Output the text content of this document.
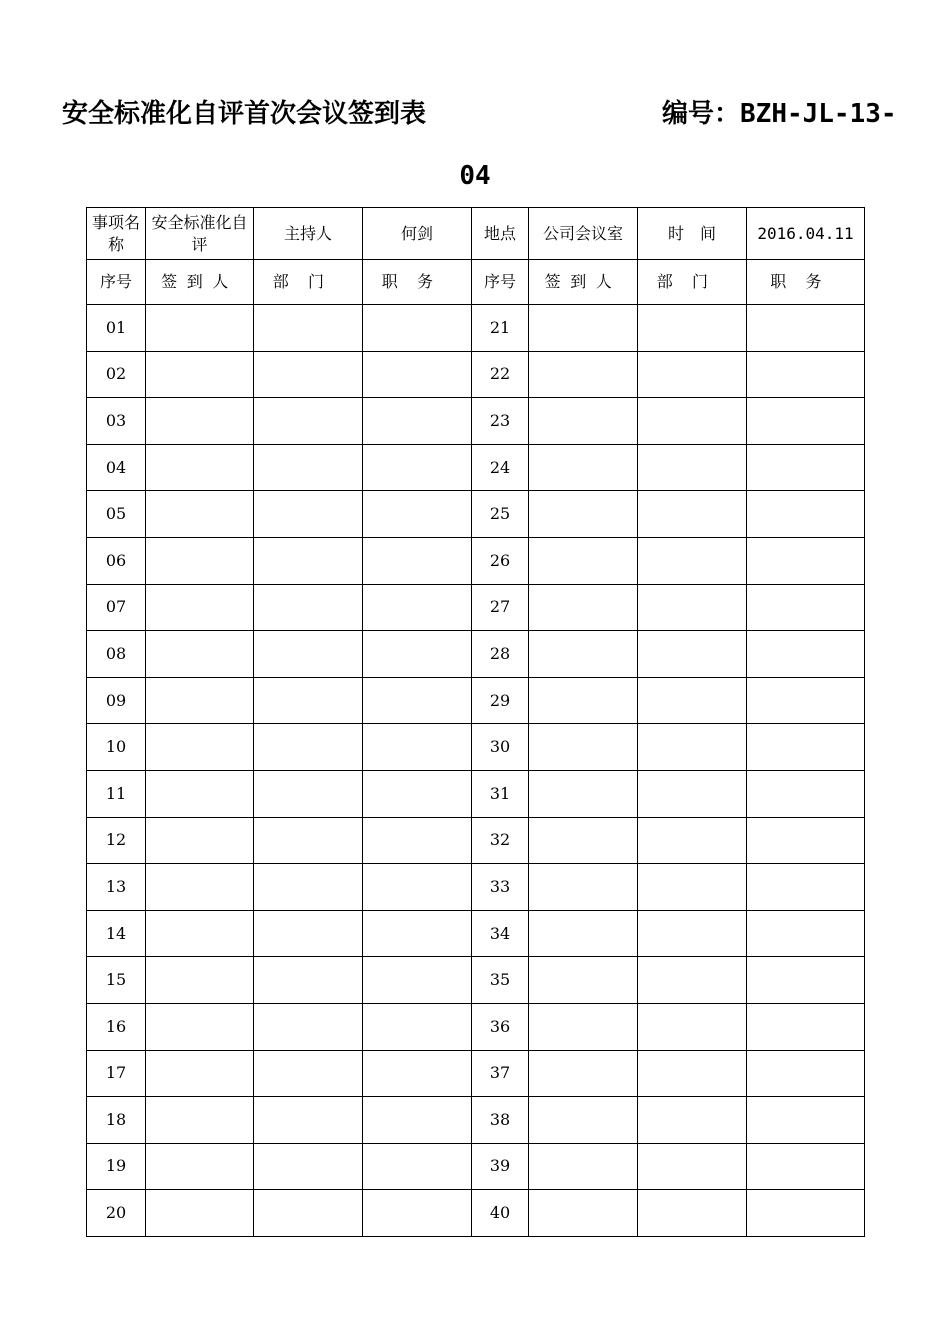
安全标准化自评首次会议签到表	编号：BZH-JL-13-
04
事项名称	安全标准化自评	主持人	何剑	地点	公司会议室	时　间	2016.04.11
序号	签到人	部门	职务	序号	签到人	部门	职务
01				21			
02				22			
03				23			
04				24			
05				25			
06				26			
07				27			
08				28			
09				29			
10				30			
11				31			
12				32			
13				33			
14				34			
15				35			
16				36			
17				37			
18				38			
19				39			
20				40			
